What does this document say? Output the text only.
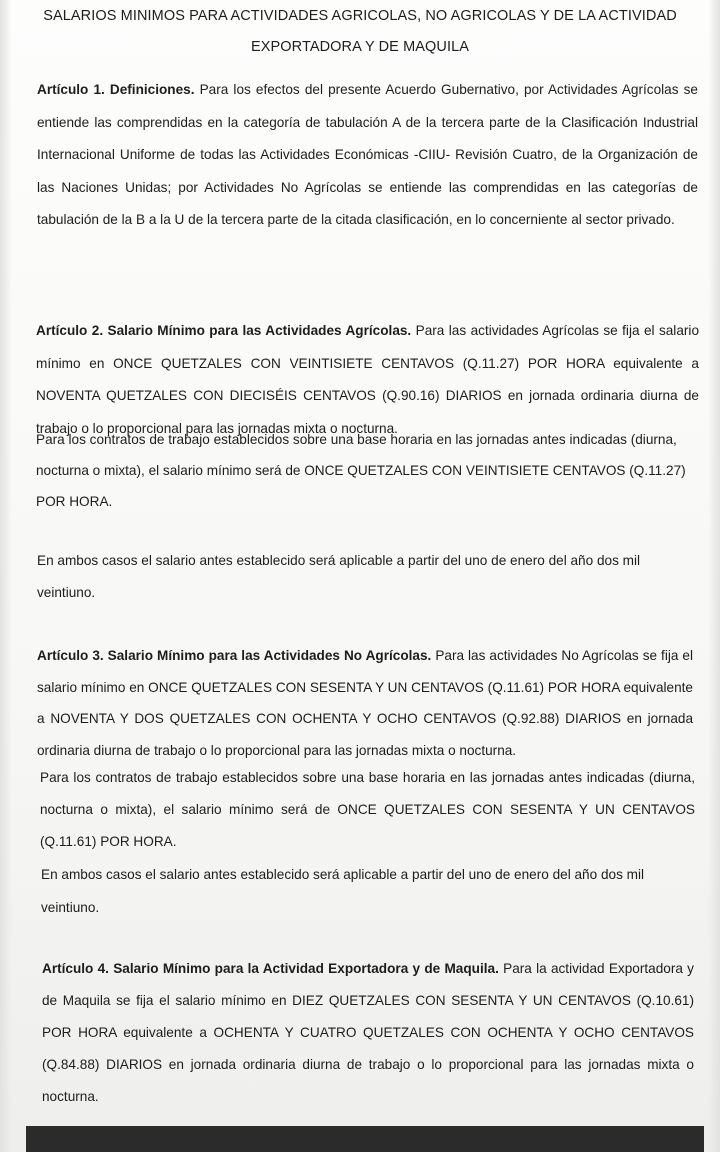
SALARIOS MINIMOS PARA ACTIVIDADES AGRICOLAS, NO AGRICOLAS Y DE LA ACTIVIDAD
EXPORTADORA Y DE MAQUILA
Artículo 1. Definiciones. Para los efectos del presente Acuerdo Gubernativo, por Actividades Agrícolas se entiende las comprendidas en la categoría de tabulación A de la tercera parte de la Clasificación Industrial Internacional Uniforme de todas las Actividades Económicas -CIIU- Revisión Cuatro, de la Organización de las Naciones Unidas; por Actividades No Agrícolas se entiende las comprendidas en las categorías de tabulación de la B a la U de la tercera parte de la citada clasificación, en lo concerniente al sector privado.
Artículo 2. Salario Mínimo para las Actividades Agrícolas. Para las actividades Agrícolas se fija el salario mínimo en ONCE QUETZALES CON VEINTISIETE CENTAVOS (Q.11.27) POR HORA equivalente a NOVENTA QUETZALES CON DIECISÉIS CENTAVOS (Q.90.16) DIARIOS en jornada ordinaria diurna de trabajo o lo proporcional para las jornadas mixta o nocturna.
Para los contratos de trabajo establecidos sobre una base horaria en las jornadas antes indicadas (diurna, nocturna o mixta), el salario mínimo será de ONCE QUETZALES CON VEINTISIETE CENTAVOS (Q.11.27) POR HORA.
En ambos casos el salario antes establecido será aplicable a partir del uno de enero del año dos mil veintiuno.
Artículo 3. Salario Mínimo para las Actividades No Agrícolas. Para las actividades No Agrícolas se fija el salario mínimo en ONCE QUETZALES CON SESENTA Y UN CENTAVOS (Q.11.61) POR HORA equivalente a NOVENTA Y DOS QUETZALES CON OCHENTA Y OCHO CENTAVOS (Q.92.88) DIARIOS en jornada ordinaria diurna de trabajo o lo proporcional para las jornadas mixta o nocturna.
Para los contratos de trabajo establecidos sobre una base horaria en las jornadas antes indicadas (diurna, nocturna o mixta), el salario mínimo será de ONCE QUETZALES CON SESENTA Y UN CENTAVOS (Q.11.61) POR HORA.
En ambos casos el salario antes establecido será aplicable a partir del uno de enero del año dos mil veintiuno.
Artículo 4. Salario Mínimo para la Actividad Exportadora y de Maquila. Para la actividad Exportadora y de Maquila se fija el salario mínimo en DIEZ QUETZALES CON SESENTA Y UN CENTAVOS (Q.10.61) POR HORA equivalente a OCHENTA Y CUATRO QUETZALES CON OCHENTA Y OCHO CENTAVOS (Q.84.88) DIARIOS en jornada ordinaria diurna de trabajo o lo proporcional para las jornadas mixta o nocturna.
